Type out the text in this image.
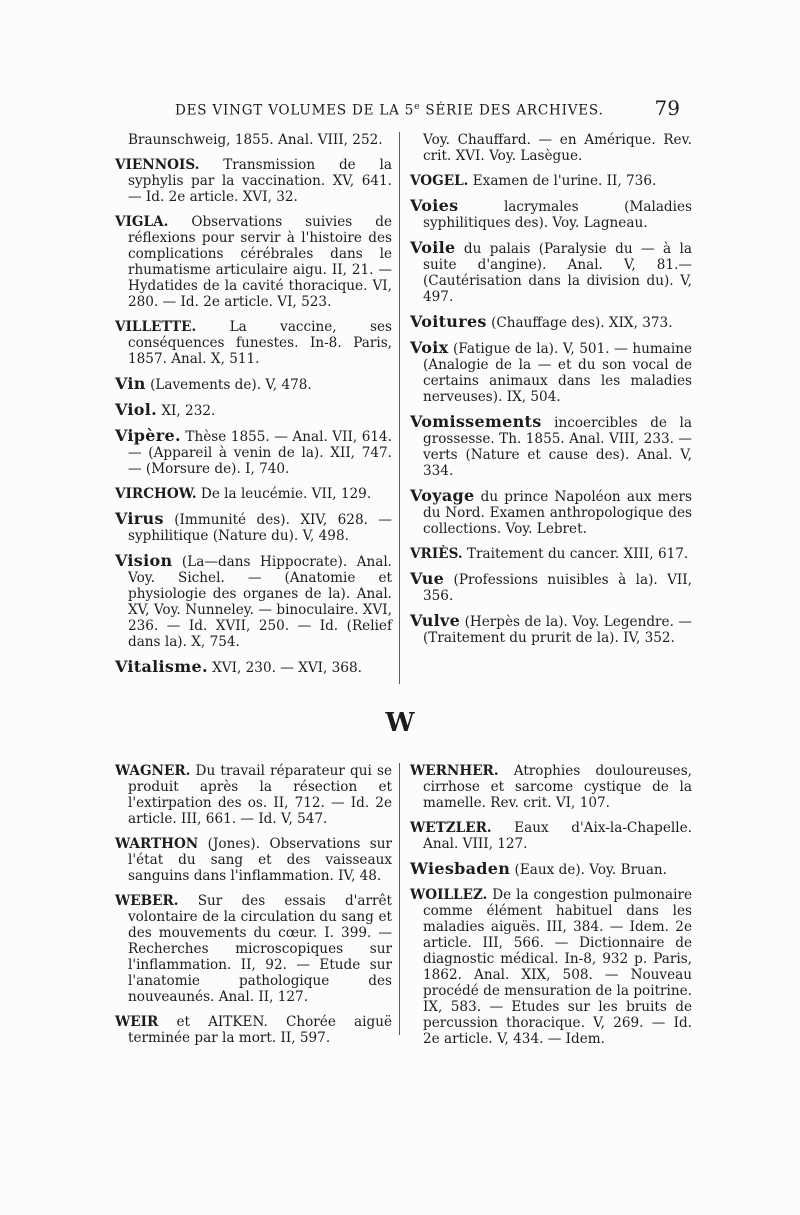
DES VINGT VOLUMES DE LA 5e SÉRIE DES ARCHIVES.	79

Braunschweig, 1855. Anal. VIII, 252.

VIENNOIS. Transmission de la syphylis par la vaccination. XV, 641. — Id. 2e article. XVI, 32.

VIGLA. Observations suivies de réflexions pour servir à l'histoire des complications cérébrales dans le rhumatisme articulaire aigu. II, 21. — Hydatides de la cavité thoracique. VI, 280. — Id. 2e article. VI, 523.

VILLETTE. La vaccine, ses conséquences funestes. In-8. Paris, 1857. Anal. X, 511.

Vin (Lavements de). V, 478.

Viol. XI, 232.

Vipère. Thèse 1855. — Anal. VII, 614. — (Appareil à venin de la). XII, 747. — (Morsure de). I, 740.

VIRCHOW. De la leucémie. VII, 129.

Virus (Immunité des). XIV, 628. — syphilitique (Nature du). V, 498.

Vision (La—dans Hippocrate). Anal. Voy. Sichel. — (Anatomie et physiologie des organes de la). Anal. XV, Voy. Nunneley. — binoculaire. XVI, 236. — Id. XVII, 250. — Id. (Relief dans la). X, 754.

Vitalisme. XVI, 230. — XVI, 368.

Voy. Chauffard. — en Amérique. Rev. crit. XVI. Voy. Lasègue.

VOGEL. Examen de l'urine. II, 736.

Voies lacrymales (Maladies syphilitiques des). Voy. Lagneau.

Voile du palais (Paralysie du — à la suite d'angine). Anal. V, 81.— (Cautérisation dans la division du). V, 497.

Voitures (Chauffage des). XIX, 373.

Voix (Fatigue de la). V, 501. — humaine (Analogie de la — et du son vocal de certains animaux dans les maladies nerveuses). IX, 504.

Vomissements incoercibles de la grossesse. Th. 1855. Anal. VIII, 233. — verts (Nature et cause des). Anal. V, 334.

Voyage du prince Napoléon aux mers du Nord. Examen anthropologique des collections. Voy. Lebret.

VRIÈS. Traitement du cancer. XIII, 617.

Vue (Professions nuisibles à la). VII, 356.

Vulve (Herpès de la). Voy. Legendre. — (Traitement du prurit de la). IV, 352.

W

WAGNER. Du travail réparateur qui se produit après la résection et l'extirpation des os. II, 712. — Id. 2e article. III, 661. — Id. V, 547.

WARTHON (Jones). Observations sur l'état du sang et des vaisseaux sanguins dans l'inflammation. IV, 48.

WEBER. Sur des essais d'arrêt volontaire de la circulation du sang et des mouvements du cœur. I. 399. — Recherches microscopiques sur l'inflammation. II, 92. — Etude sur l'anatomie pathologique des nouveaunés. Anal. II, 127.

WEIR et AITKEN. Chorée aiguë terminée par la mort. II, 597.

WERNHER. Atrophies douloureuses, cirrhose et sarcome cystique de la mamelle. Rev. crit. VI, 107.

WETZLER. Eaux d'Aix-la-Chapelle. Anal. VIII, 127.

Wiesbaden (Eaux de). Voy. Bruan.

WOILLEZ. De la congestion pulmonaire comme élément habituel dans les maladies aiguës. III, 384. — Idem. 2e article. III, 566. — Dictionnaire de diagnostic médical. In-8, 932 p. Paris, 1862. Anal. XIX, 508. — Nouveau procédé de mensuration de la poitrine. IX, 583. — Etudes sur les bruits de percussion thoracique. V, 269. — Id. 2e article. V, 434. — Idem.
